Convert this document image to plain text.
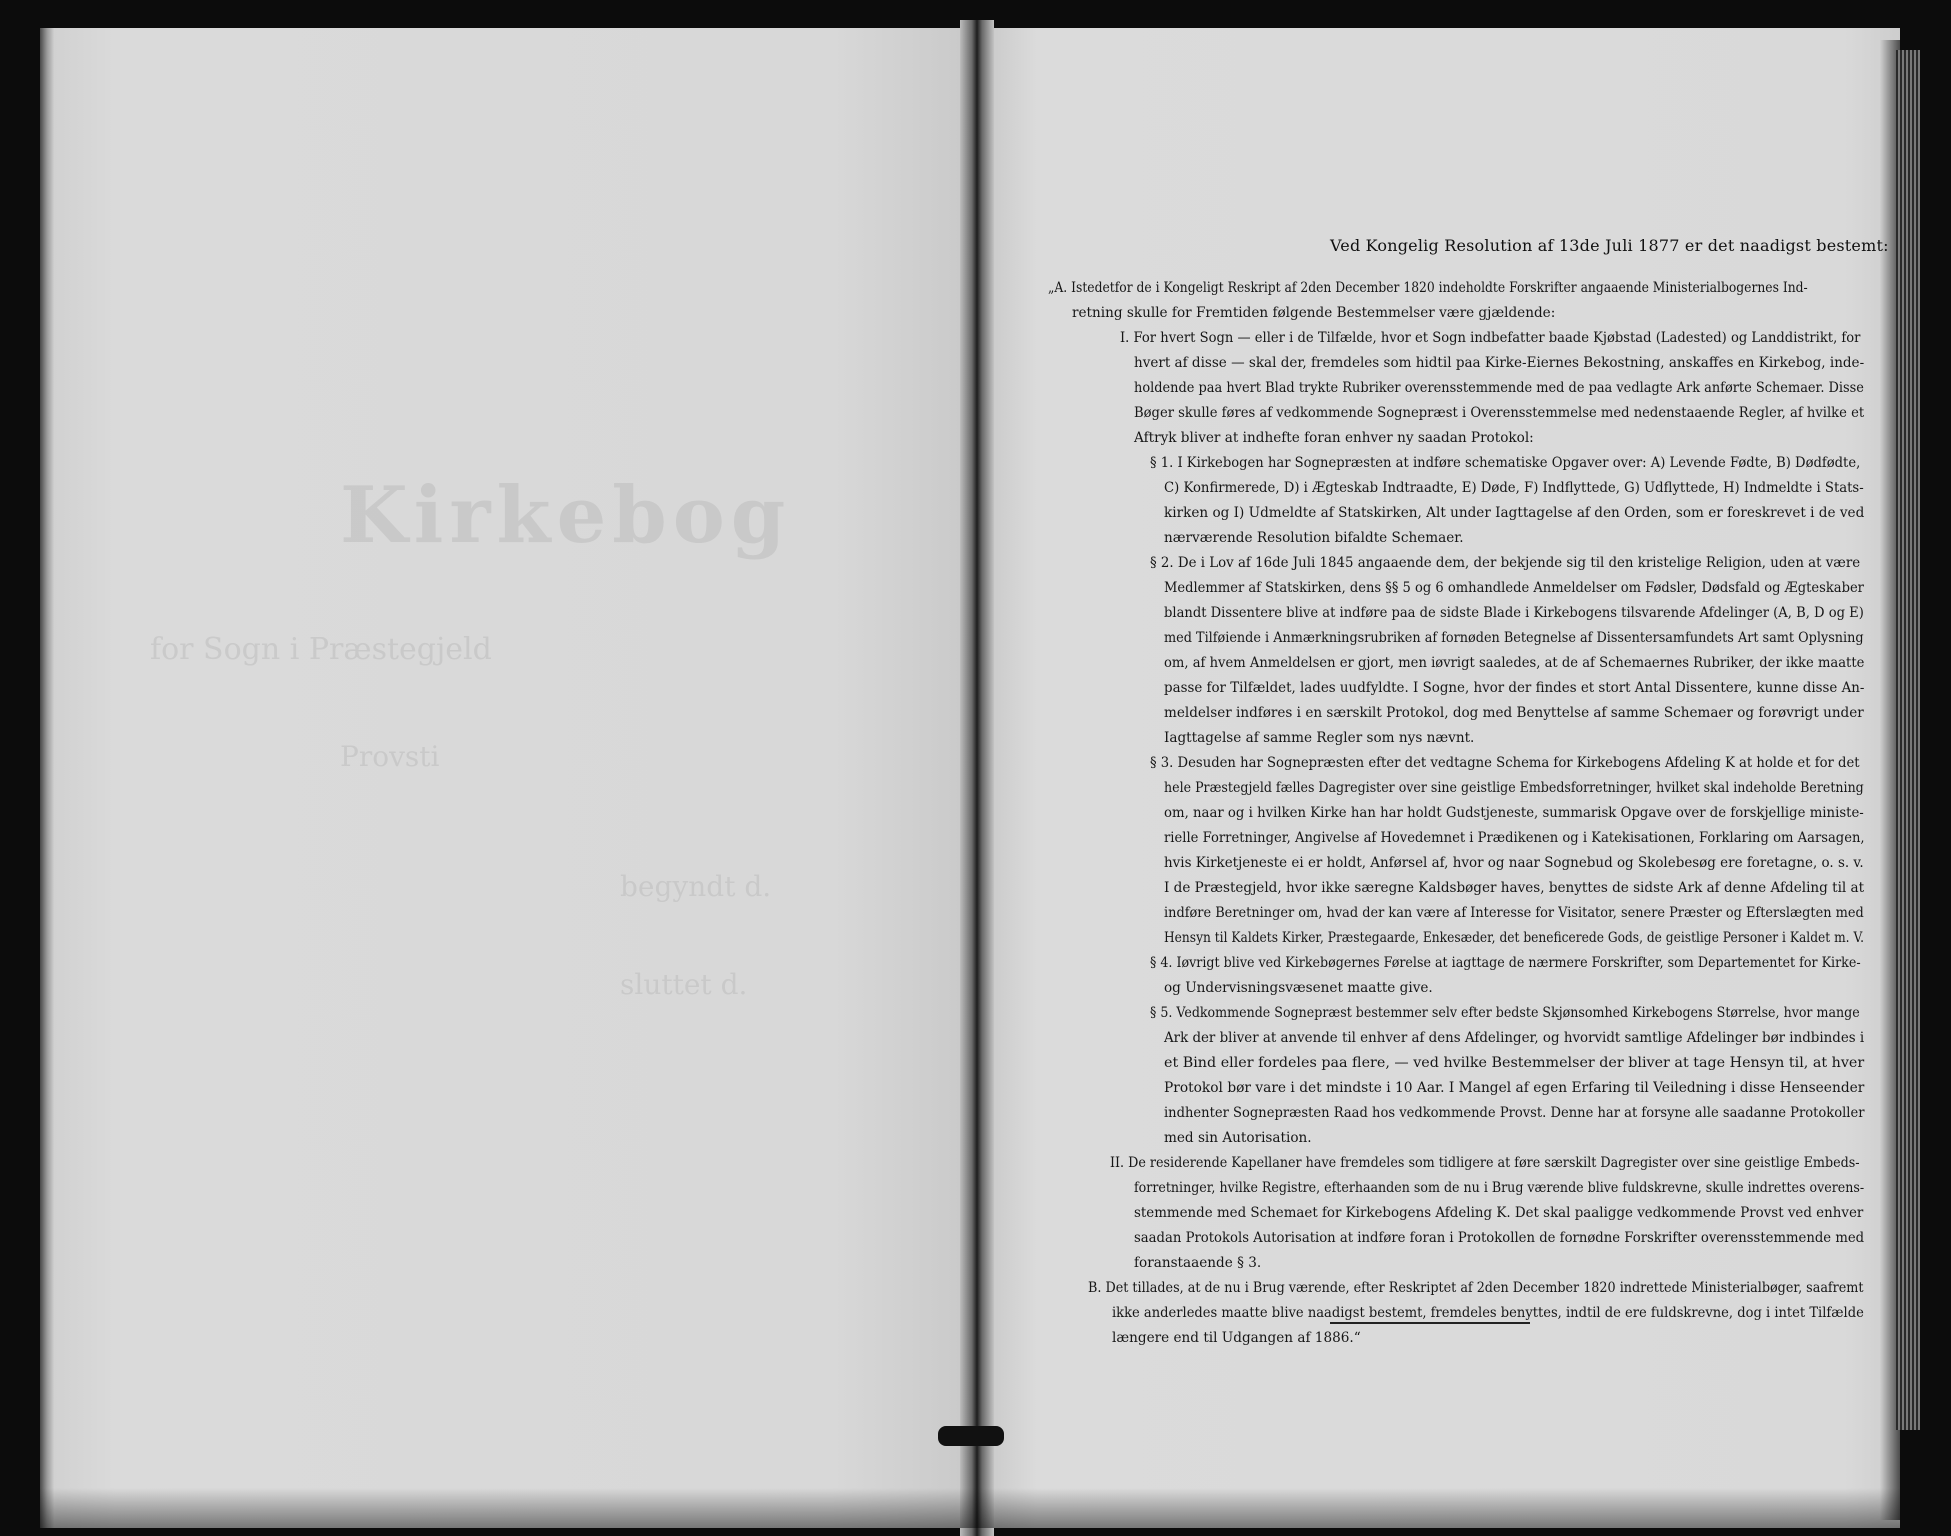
Kirkebog
for Sogn i Præstegjeld
Provsti
begyndt d.
sluttet d.
Ved Kongelig Resolution af 13de Juli 1877 er det naadigst bestemt:
„A. Istedetfor de i Kongeligt Reskript af 2den December 1820 indeholdte Forskrifter angaaende Ministerialbogernes Ind-
retning skulle for Fremtiden følgende Bestemmelser være gjældende:
I. For hvert Sogn — eller i de Tilfælde, hvor et Sogn indbefatter baade Kjøbstad (Ladested) og Landdistrikt, for
hvert af disse — skal der, fremdeles som hidtil paa Kirke-Eiernes Bekostning, anskaffes en Kirkebog, inde-
holdende paa hvert Blad trykte Rubriker overensstemmende med de paa vedlagte Ark anførte Schemaer. Disse
Bøger skulle føres af vedkommende Sognepræst i Overensstemmelse med nedenstaaende Regler, af hvilke et
Aftryk bliver at indhefte foran enhver ny saadan Protokol:
§ 1. I Kirkebogen har Sognepræsten at indføre schematiske Opgaver over: A) Levende Fødte, B) Dødfødte,
C) Konfirmerede, D) i Ægteskab Indtraadte, E) Døde, F) Indflyttede, G) Udflyttede, H) Indmeldte i Stats-
kirken og I) Udmeldte af Statskirken, Alt under Iagttagelse af den Orden, som er foreskrevet i de ved
nærværende Resolution bifaldte Schemaer.
§ 2. De i Lov af 16de Juli 1845 angaaende dem, der bekjende sig til den kristelige Religion, uden at være
Medlemmer af Statskirken, dens §§ 5 og 6 omhandlede Anmeldelser om Fødsler, Dødsfald og Ægteskaber
blandt Dissentere blive at indføre paa de sidste Blade i Kirkebogens tilsvarende Afdelinger (A, B, D og E)
med Tilføiende i Anmærkningsrubriken af fornøden Betegnelse af Dissentersamfundets Art samt Oplysning
om, af hvem Anmeldelsen er gjort, men iøvrigt saaledes, at de af Schemaernes Rubriker, der ikke maatte
passe for Tilfældet, lades uudfyldte. I Sogne, hvor der findes et stort Antal Dissentere, kunne disse An-
meldelser indføres i en særskilt Protokol, dog med Benyttelse af samme Schemaer og forøvrigt under
Iagttagelse af samme Regler som nys nævnt.
§ 3. Desuden har Sognepræsten efter det vedtagne Schema for Kirkebogens Afdeling K at holde et for det
hele Præstegjeld fælles Dagregister over sine geistlige Embedsforretninger, hvilket skal indeholde Beretning
om, naar og i hvilken Kirke han har holdt Gudstjeneste, summarisk Opgave over de forskjellige ministe-
rielle Forretninger, Angivelse af Hovedemnet i Prædikenen og i Katekisationen, Forklaring om Aarsagen,
hvis Kirketjeneste ei er holdt, Anførsel af, hvor og naar Sognebud og Skolebesøg ere foretagne, o. s. v.
I de Præstegjeld, hvor ikke særegne Kaldsbøger haves, benyttes de sidste Ark af denne Afdeling til at
indføre Beretninger om, hvad der kan være af Interesse for Visitator, senere Præster og Efterslægten med
Hensyn til Kaldets Kirker, Præstegaarde, Enkesæder, det beneficerede Gods, de geistlige Personer i Kaldet m. V.
§ 4. Iøvrigt blive ved Kirkebøgernes Førelse at iagttage de nærmere Forskrifter, som Departementet for Kirke-
og Undervisningsvæsenet maatte give.
§ 5. Vedkommende Sognepræst bestemmer selv efter bedste Skjønsomhed Kirkebogens Størrelse, hvor mange
Ark der bliver at anvende til enhver af dens Afdelinger, og hvorvidt samtlige Afdelinger bør indbindes i
et Bind eller fordeles paa flere, — ved hvilke Bestemmelser der bliver at tage Hensyn til, at hver
Protokol bør vare i det mindste i 10 Aar. I Mangel af egen Erfaring til Veiledning i disse Henseender
indhenter Sognepræsten Raad hos vedkommende Provst. Denne har at forsyne alle saadanne Protokoller
med sin Autorisation.
II. De residerende Kapellaner have fremdeles som tidligere at føre særskilt Dagregister over sine geistlige Embeds-
forretninger, hvilke Registre, efterhaanden som de nu i Brug værende blive fuldskrevne, skulle indrettes overens-
stemmende med Schemaet for Kirkebogens Afdeling K. Det skal paaligge vedkommende Provst ved enhver
saadan Protokols Autorisation at indføre foran i Protokollen de fornødne Forskrifter overensstemmende med
foranstaaende § 3.
B. Det tillades, at de nu i Brug værende, efter Reskriptet af 2den December 1820 indrettede Ministerialbøger, saafremt
ikke anderledes maatte blive naadigst bestemt, fremdeles benyttes, indtil de ere fuldskrevne, dog i intet Tilfælde
længere end til Udgangen af 1886.“
